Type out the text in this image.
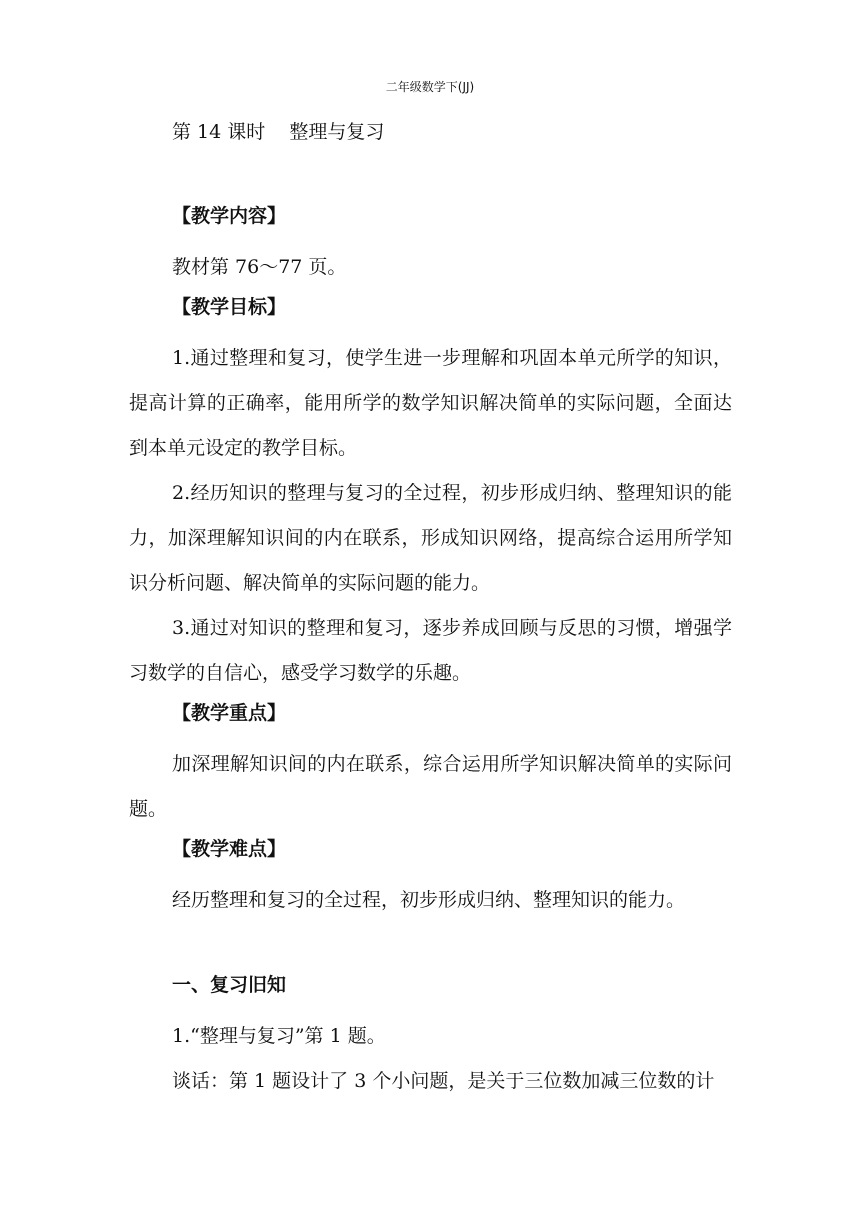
二年级数学下(JJ)
第 14 课时    整理与复习
【教学内容】

教材第 76～77 页。

【教学目标】

1.通过整理和复习，使学生进一步理解和巩固本单元所学的知识，提高计算的正确率，能用所学的数学知识解决简单的实际问题，全面达到本单元设定的教学目标。

2.经历知识的整理与复习的全过程，初步形成归纳、整理知识的能力，加深理解知识间的内在联系，形成知识网络，提高综合运用所学知识分析问题、解决简单的实际问题的能力。

3.通过对知识的整理和复习，逐步养成回顾与反思的习惯，增强学习数学的自信心，感受学习数学的乐趣。

【教学重点】

加深理解知识间的内在联系，综合运用所学知识解决简单的实际问题。

【教学难点】

经历整理和复习的全过程，初步形成归纳、整理知识的能力。

一、复习旧知

1.“整理与复习”第 1 题。

谈话：第 1 题设计了 3 个小问题，是关于三位数加减三位数的计
